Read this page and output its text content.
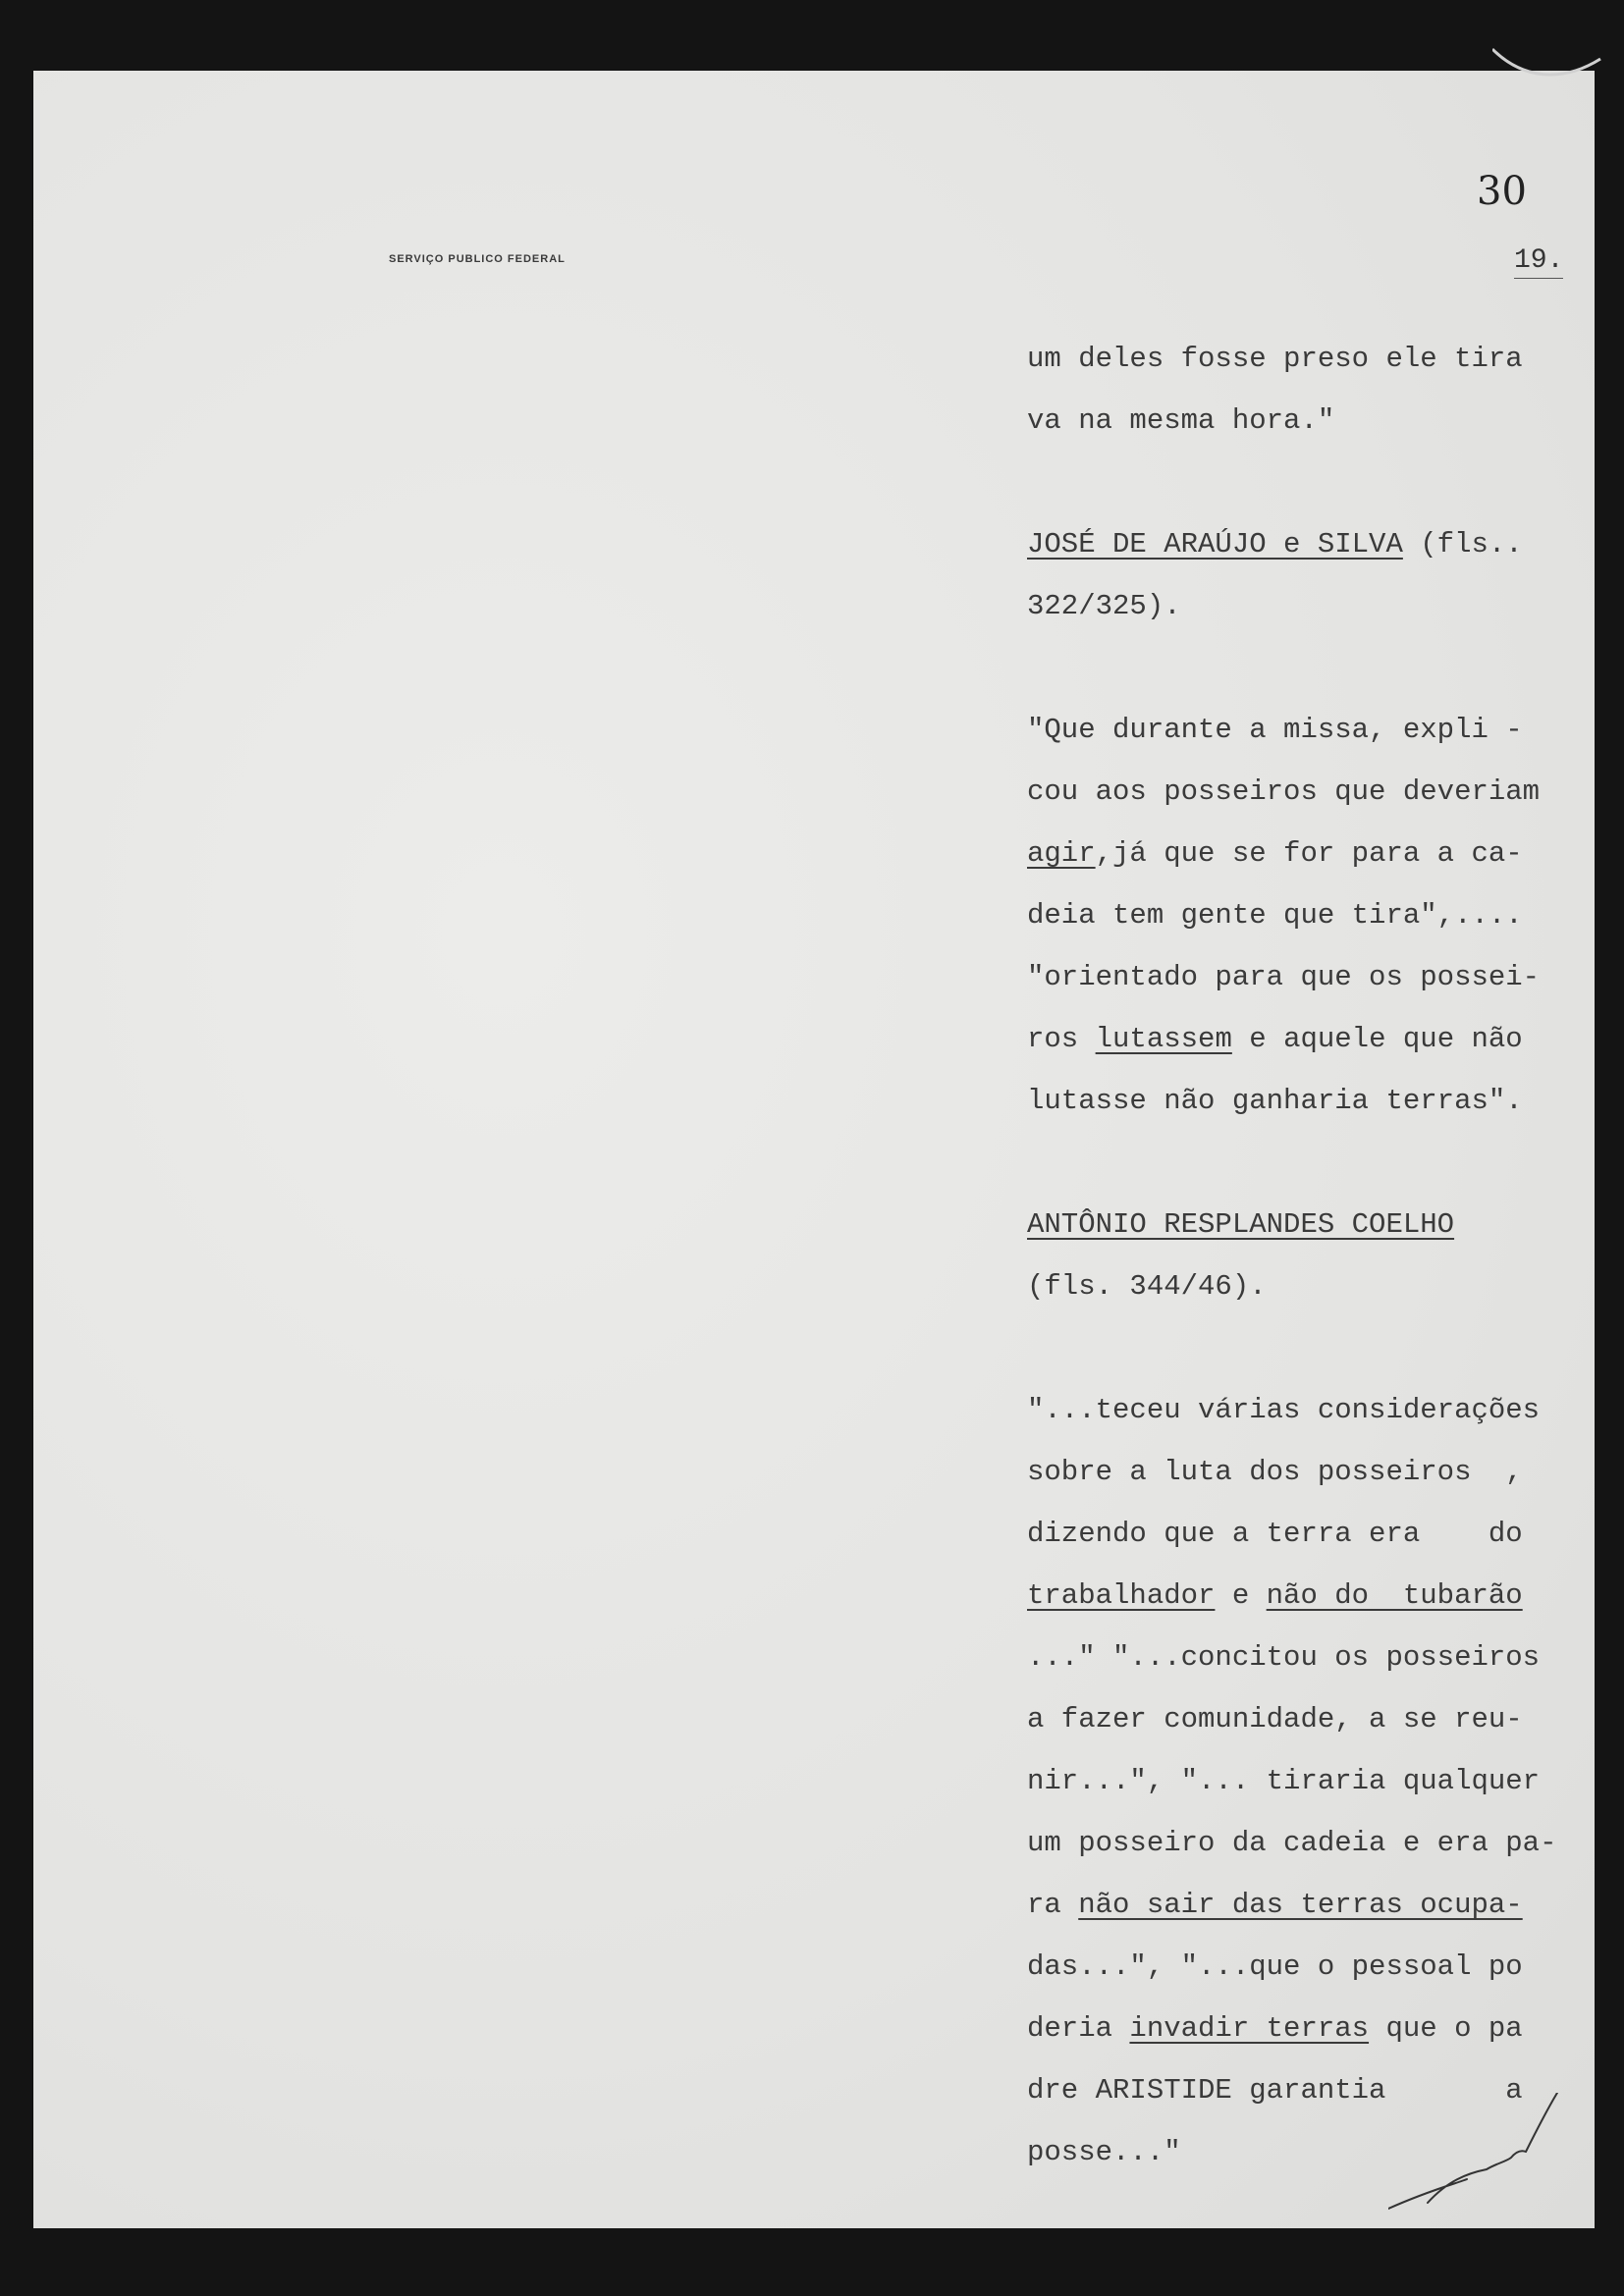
SERVIÇO PUBLICO FEDERAL
30
19.

um deles fosse preso ele tira

va na mesma hora."

JOSÉ DE ARAÚJO e SILVA (fls..

322/325).

"Que durante a missa, expli -

cou aos posseiros que deveriam

agir,já que se for para a ca-

deia tem gente que tira",....

"orientado para que os possei-

ros lutassem e aquele que não

lutasse não ganharia terras".

ANTÔNIO RESPLANDES COELHO

(fls. 344/46).

"...teceu várias considerações

sobre a luta dos posseiros  ,

dizendo que a terra era    do

trabalhador e não do  tubarão

..." "...concitou os posseiros

a fazer comunidade, a se reu-

nir...", "... tiraria qualquer

um posseiro da cadeia e era pa-

ra não sair das terras ocupa-

das...", "...que o pessoal po

deria invadir terras que o pa

dre ARISTIDE garantia       a

posse..."
